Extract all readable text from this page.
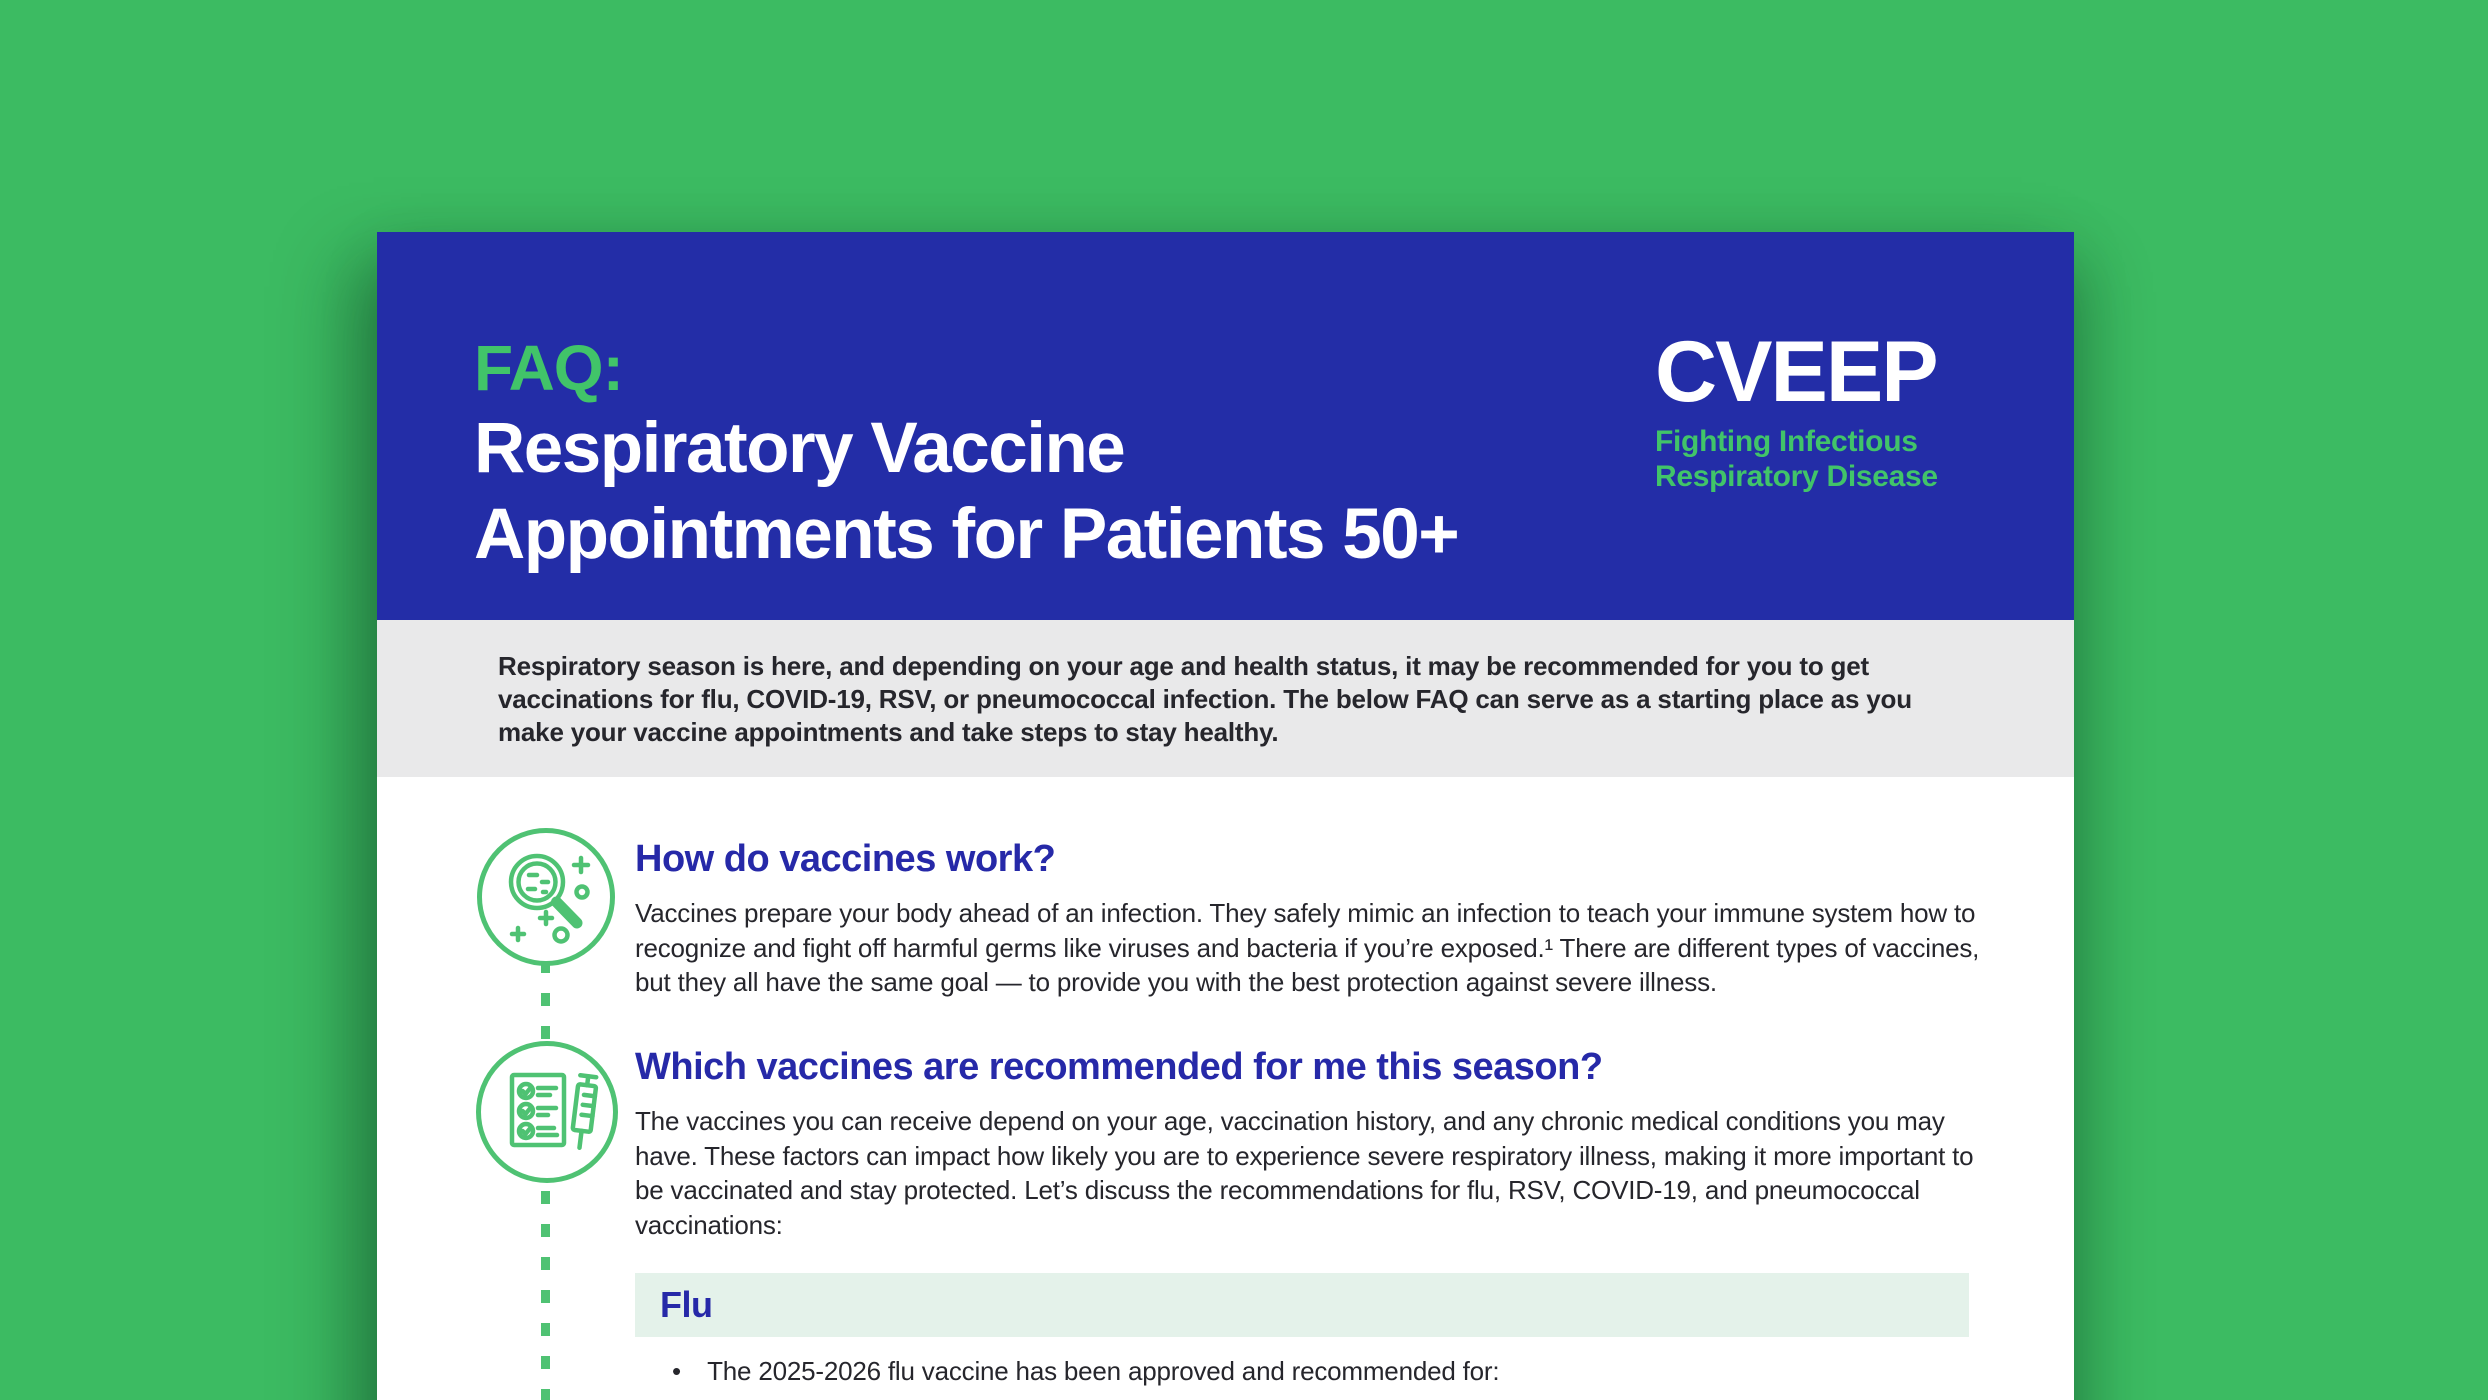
FAQ:
Respiratory Vaccine
Appointments for Patients 50+
CVEEP
Fighting Infectious
Respiratory Disease
Respiratory season is here, and depending on your age and health status, it may be recommended for you to get vaccinations for flu, COVID-19, RSV, or pneumococcal infection. The below FAQ can serve as a starting place as you make your vaccine appointments and take steps to stay healthy.
How do vaccines work?
Vaccines prepare your body ahead of an infection. They safely mimic an infection to teach your immune system how to recognize and fight off harmful germs like viruses and bacteria if you’re exposed.¹ There are different types of vaccines, but they all have the same goal — to provide you with the best protection against severe illness.
Which vaccines are recommended for me this season?
The vaccines you can receive depend on your age, vaccination history, and any chronic medical conditions you may have. These factors can impact how likely you are to experience severe respiratory illness, making it more important to be vaccinated and stay protected. Let’s discuss the recommendations for flu, RSV, COVID-19, and pneumococcal vaccinations:
Flu
• The 2025-2026 flu vaccine has been approved and recommended for:
